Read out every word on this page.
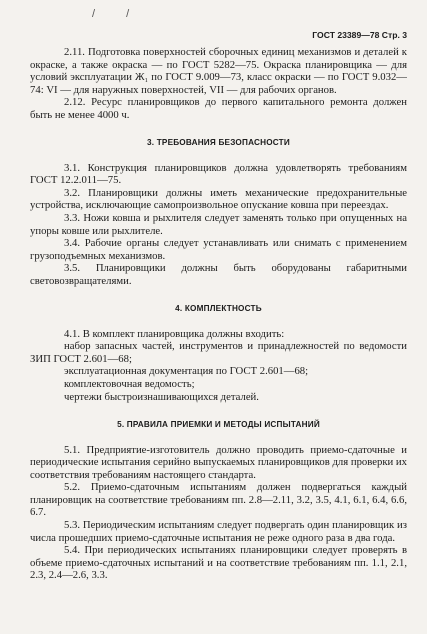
/ /
ГОСТ 23389—78 Стр. 3

2.11. Подготовка поверхностей сборочных единиц механизмов и деталей к окраске, а также окраска — по ГОСТ 5282—75. Окраска планировщика — для условий эксплуатации Ж₁ по ГОСТ 9.009—73, класс окраски — по ГОСТ 9.032—74: VI — для наружных поверхностей, VII — для рабочих органов.

2.12. Ресурс планировщиков до первого капитального ремонта должен быть не менее 4000 ч.

3. ТРЕБОВАНИЯ БЕЗОПАСНОСТИ

3.1. Конструкция планировщиков должна удовлетворять требованиям ГОСТ 12.2.011—75.

3.2. Планировщики должны иметь механические предохранительные устройства, исключающие самопроизвольное опускание ковша при переездах.

3.3. Ножи ковша и рыхлителя следует заменять только при опущенных на упоры ковше или рыхлителе.

3.4. Рабочие органы следует устанавливать или снимать с применением грузоподъемных механизмов.

3.5. Планировщики должны быть оборудованы габаритными световозвращателями.

4. КОМПЛЕКТНОСТЬ

4.1. В комплект планировщика должны входить:

набор запасных частей, инструментов и принадлежностей по ведомости ЗИП ГОСТ 2.601—68;

эксплуатационная документация по ГОСТ 2.601—68;

комплектовочная ведомость;

чертежи быстроизнашивающихся деталей.

5. ПРАВИЛА ПРИЕМКИ И МЕТОДЫ ИСПЫТАНИЙ

5.1. Предприятие-изготовитель должно проводить приемо-сдаточные и периодические испытания серийно выпускаемых планировщиков для проверки их соответствия требованиям настоящего стандарта.

5.2. Приемо-сдаточным испытаниям должен подвергаться каждый планировщик на соответствие требованиям пп. 2.8—2.11, 3.2, 3.5, 4.1, 6.1, 6.4, 6.6, 6.7.

5.3. Периодическим испытаниям следует подвергать один планировщик из числа прошедших приемо-сдаточные испытания не реже одного раза в два года.

5.4. При периодических испытаниях планировщики следует проверять в объеме приемо-сдаточных испытаний и на соответствие требованиям пп. 1.1, 2.1, 2.3, 2.4—2.6, 3.3.
